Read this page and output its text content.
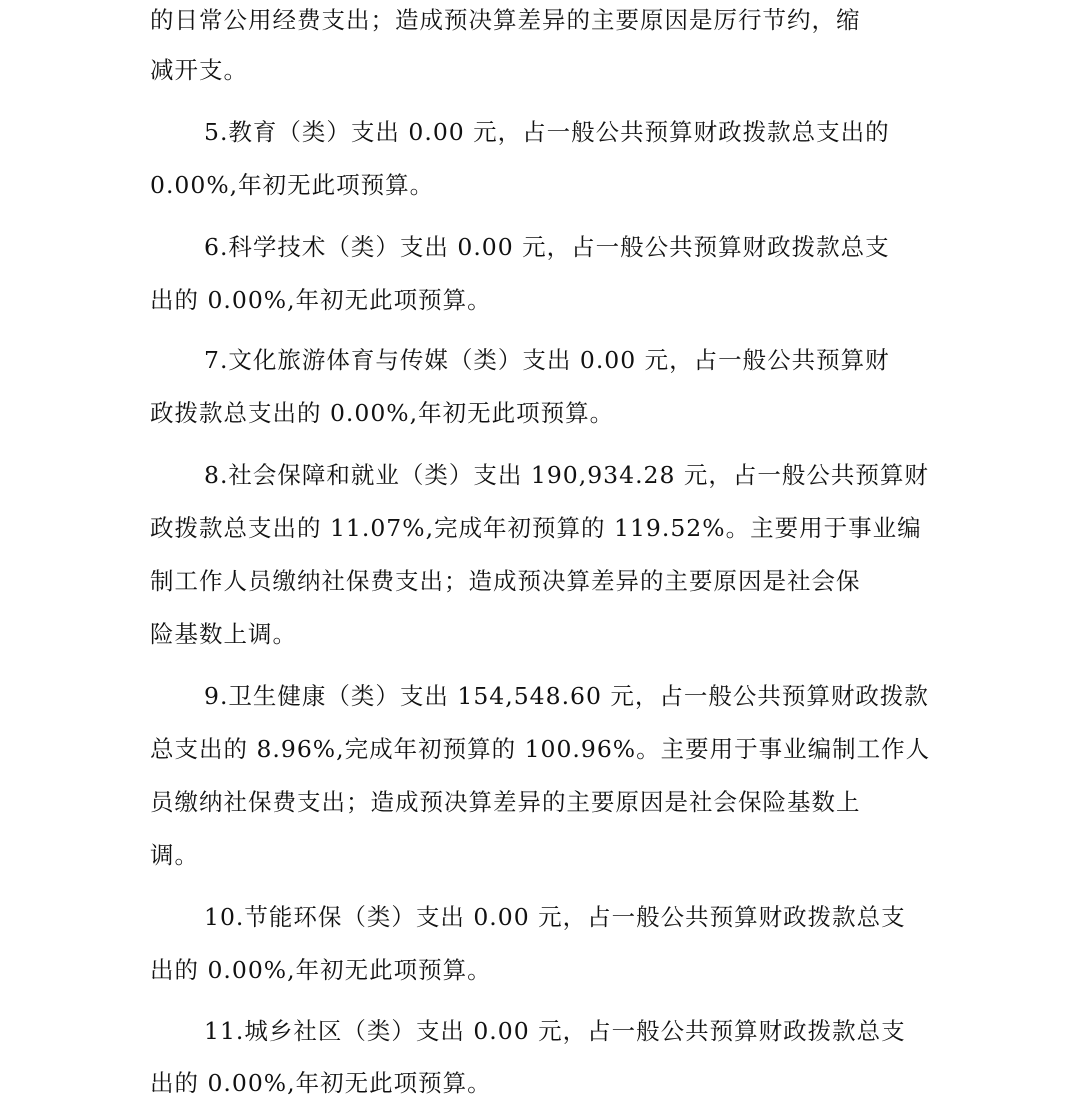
的日常公用经费支出；造成预决算差异的主要原因是厉行节约，缩
减开支。
5.教育（类）支出 0.00 元，占一般公共预算财政拨款总支出的
0.00%,年初无此项预算。
6.科学技术（类）支出 0.00 元，占一般公共预算财政拨款总支
出的 0.00%,年初无此项预算。
7.文化旅游体育与传媒（类）支出 0.00 元，占一般公共预算财
政拨款总支出的 0.00%,年初无此项预算。
8.社会保障和就业（类）支出 190,934.28 元，占一般公共预算财
政拨款总支出的 11.07%,完成年初预算的 119.52%。主要用于事业编
制工作人员缴纳社保费支出；造成预决算差异的主要原因是社会保
险基数上调。
9.卫生健康（类）支出 154,548.60 元，占一般公共预算财政拨款
总支出的 8.96%,完成年初预算的 100.96%。主要用于事业编制工作人
员缴纳社保费支出；造成预决算差异的主要原因是社会保险基数上
调。
10.节能环保（类）支出 0.00 元，占一般公共预算财政拨款总支
出的 0.00%,年初无此项预算。
11.城乡社区（类）支出 0.00 元，占一般公共预算财政拨款总支
出的 0.00%,年初无此项预算。
